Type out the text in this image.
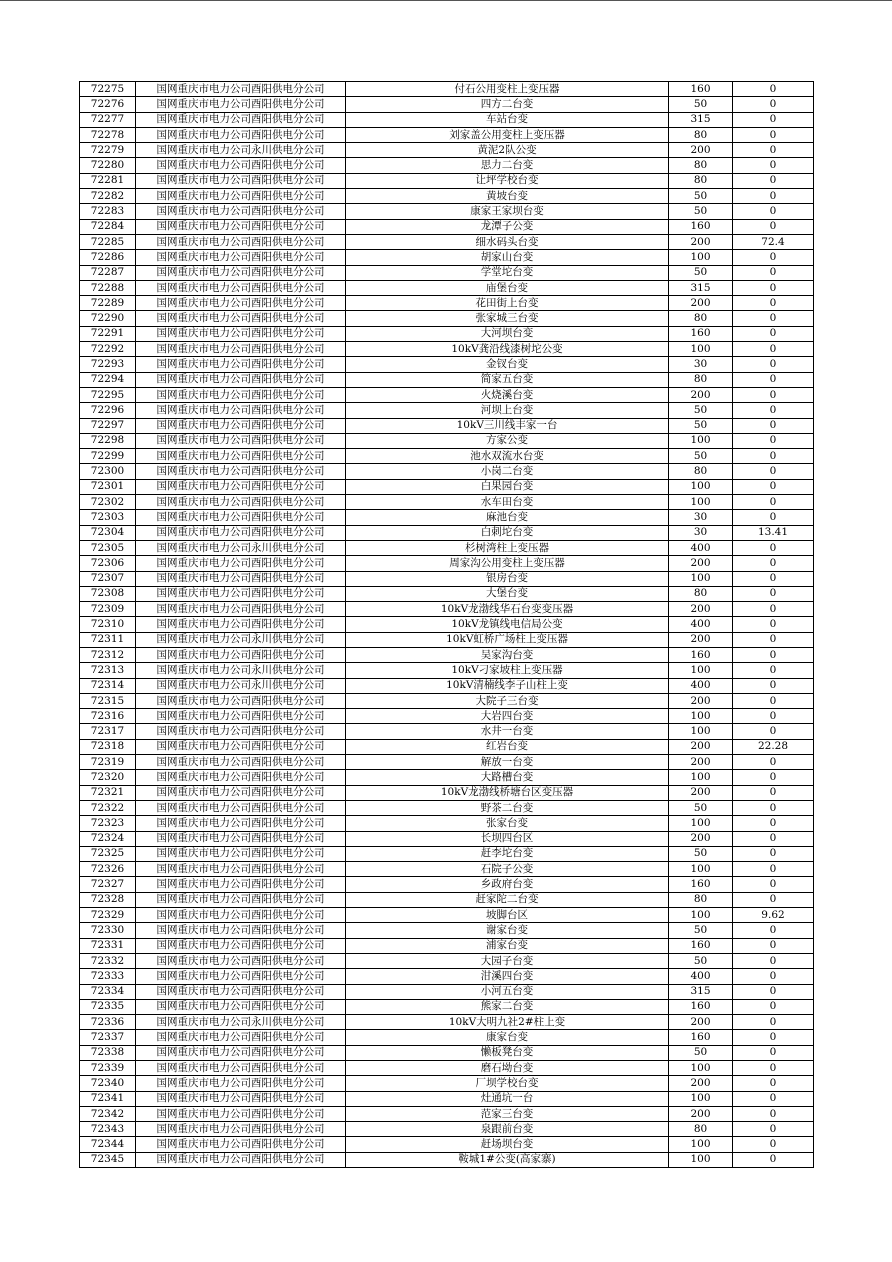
72275	国网重庆市电力公司酉阳供电分公司	付石公用变柱上变压器	160	0
72276	国网重庆市电力公司酉阳供电分公司	四方二台变	50	0
72277	国网重庆市电力公司酉阳供电分公司	车站台变	315	0
72278	国网重庆市电力公司酉阳供电分公司	刘家盖公用变柱上变压器	80	0
72279	国网重庆市电力公司永川供电分公司	黄泥2队公变	200	0
72280	国网重庆市电力公司酉阳供电分公司	思力二台变	80	0
72281	国网重庆市电力公司酉阳供电分公司	让坪学校台变	80	0
72282	国网重庆市电力公司酉阳供电分公司	黄坡台变	50	0
72283	国网重庆市电力公司酉阳供电分公司	康家王家坝台变	50	0
72284	国网重庆市电力公司酉阳供电分公司	龙潭子公变	160	0
72285	国网重庆市电力公司酉阳供电分公司	细水码头台变	200	72.4
72286	国网重庆市电力公司酉阳供电分公司	胡家山台变	100	0
72287	国网重庆市电力公司酉阳供电分公司	学堂坨台变	50	0
72288	国网重庆市电力公司酉阳供电分公司	庙堡台变	315	0
72289	国网重庆市电力公司酉阳供电分公司	花田街上台变	200	0
72290	国网重庆市电力公司酉阳供电分公司	张家城三台变	80	0
72291	国网重庆市电力公司酉阳供电分公司	大河坝台变	160	0
72292	国网重庆市电力公司酉阳供电分公司	10kV龚沿线漆树坨公变	100	0
72293	国网重庆市电力公司酉阳供电分公司	金钗台变	30	0
72294	国网重庆市电力公司酉阳供电分公司	简家五台变	80	0
72295	国网重庆市电力公司酉阳供电分公司	火烧溪台变	200	0
72296	国网重庆市电力公司酉阳供电分公司	河坝上台变	50	0
72297	国网重庆市电力公司酉阳供电分公司	10kV三川线丰家一台	50	0
72298	国网重庆市电力公司酉阳供电分公司	方家公变	100	0
72299	国网重庆市电力公司酉阳供电分公司	池水双流水台变	50	0
72300	国网重庆市电力公司酉阳供电分公司	小岗二台变	80	0
72301	国网重庆市电力公司酉阳供电分公司	白果园台变	100	0
72302	国网重庆市电力公司酉阳供电分公司	水车田台变	100	0
72303	国网重庆市电力公司酉阳供电分公司	麻池台变	30	0
72304	国网重庆市电力公司酉阳供电分公司	白刺坨台变	30	13.41
72305	国网重庆市电力公司永川供电分公司	杉树湾柱上变压器	400	0
72306	国网重庆市电力公司酉阳供电分公司	周家沟公用变柱上变压器	200	0
72307	国网重庆市电力公司酉阳供电分公司	银房台变	100	0
72308	国网重庆市电力公司酉阳供电分公司	大堡台变	80	0
72309	国网重庆市电力公司酉阳供电分公司	10kV龙渤线华石台变变压器	200	0
72310	国网重庆市电力公司酉阳供电分公司	10kV龙镇线电信局公变	400	0
72311	国网重庆市电力公司永川供电分公司	10kV虹桥广场柱上变压器	200	0
72312	国网重庆市电力公司酉阳供电分公司	吴家沟台变	160	0
72313	国网重庆市电力公司永川供电分公司	10kV刁家坡柱上变压器	100	0
72314	国网重庆市电力公司永川供电分公司	10kV清楠线李子山柱上变	400	0
72315	国网重庆市电力公司酉阳供电分公司	大院子三台变	200	0
72316	国网重庆市电力公司酉阳供电分公司	大岩四台变	100	0
72317	国网重庆市电力公司酉阳供电分公司	水井一台变	100	0
72318	国网重庆市电力公司酉阳供电分公司	红岩台变	200	22.28
72319	国网重庆市电力公司酉阳供电分公司	解放一台变	200	0
72320	国网重庆市电力公司酉阳供电分公司	大路槽台变	100	0
72321	国网重庆市电力公司酉阳供电分公司	10kV龙渤线桥塘台区变压器	200	0
72322	国网重庆市电力公司酉阳供电分公司	野茶二台变	50	0
72323	国网重庆市电力公司酉阳供电分公司	张家台变	100	0
72324	国网重庆市电力公司酉阳供电分公司	长坝四台区	200	0
72325	国网重庆市电力公司酉阳供电分公司	赶李坨台变	50	0
72326	国网重庆市电力公司酉阳供电分公司	石院子公变	100	0
72327	国网重庆市电力公司酉阳供电分公司	乡政府台变	160	0
72328	国网重庆市电力公司酉阳供电分公司	赶家陀二台变	80	0
72329	国网重庆市电力公司酉阳供电分公司	坡脚台区	100	9.62
72330	国网重庆市电力公司酉阳供电分公司	谢家台变	50	0
72331	国网重庆市电力公司酉阳供电分公司	浦家台变	160	0
72332	国网重庆市电力公司酉阳供电分公司	大园子台变	50	0
72333	国网重庆市电力公司酉阳供电分公司	泔溪四台变	400	0
72334	国网重庆市电力公司酉阳供电分公司	小河五台变	315	0
72335	国网重庆市电力公司酉阳供电分公司	熊家二台变	160	0
72336	国网重庆市电力公司永川供电分公司	10kV大明九社2#柱上变	200	0
72337	国网重庆市电力公司酉阳供电分公司	康家台变	160	0
72338	国网重庆市电力公司酉阳供电分公司	懒板凳台变	50	0
72339	国网重庆市电力公司酉阳供电分公司	磨石坳台变	100	0
72340	国网重庆市电力公司酉阳供电分公司	厂坝学校台变	200	0
72341	国网重庆市电力公司酉阳供电分公司	灶通坑一台	100	0
72342	国网重庆市电力公司酉阳供电分公司	范家三台变	200	0
72343	国网重庆市电力公司酉阳供电分公司	泉跟前台变	80	0
72344	国网重庆市电力公司酉阳供电分公司	赶场坝台变	100	0
72345	国网重庆市电力公司酉阳供电分公司	鞍城1#公变(高家寨)	100	0
